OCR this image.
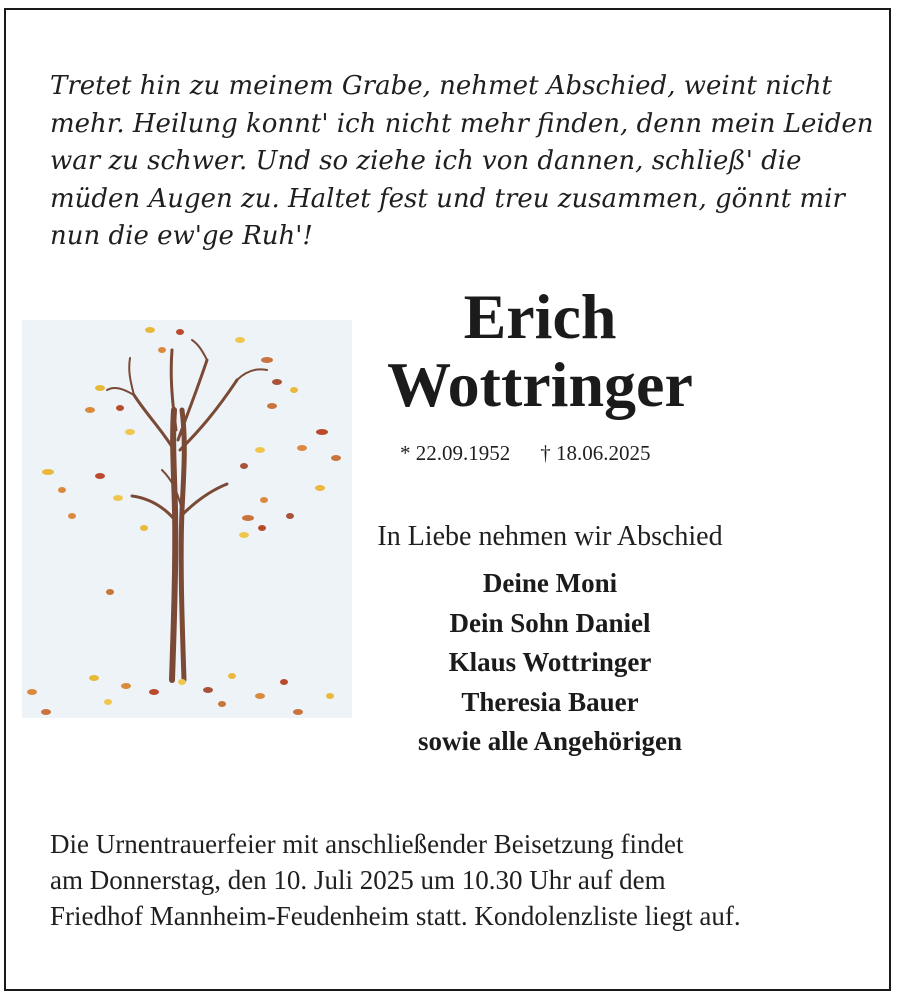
Tretet hin zu meinem Grabe, nehmet Abschied, weint nicht
mehr. Heilung konnt' ich nicht mehr finden, denn mein Leiden
war zu schwer. Und so ziehe ich von dannen, schließ' die
müden Augen zu. Haltet fest und treu zusammen, gönnt mir
nun die ew'ge Ruh'!
Erich
Wottringer
* 22.09.1952 † 18.06.2025
In Liebe nehmen wir Abschied
Deine Moni
Dein Sohn Daniel
Klaus Wottringer
Theresia Bauer
sowie alle Angehörigen
Die Urnentrauerfeier mit anschließender Beisetzung findet
am Donnerstag, den 10. Juli 2025 um 10.30 Uhr auf dem
Friedhof Mannheim-Feudenheim statt. Kondolenzliste liegt auf.
